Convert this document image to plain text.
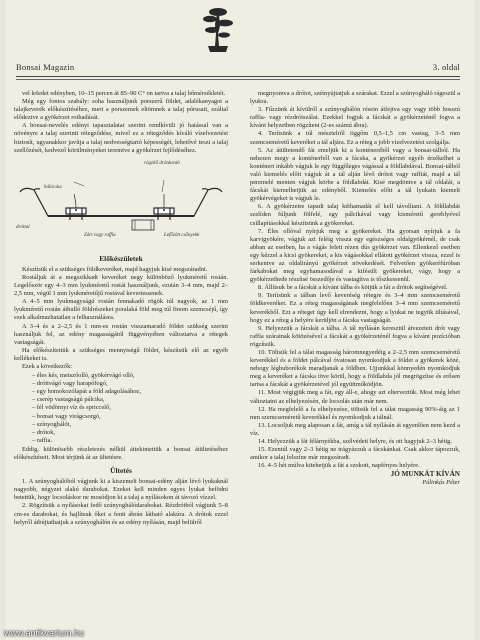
Bonsai Magazin	3. oldal

vel lefedet edényben, 10–15 percen át 85–90 C° on tartva a talaj hőmérsékletét.

Még egy fontos szabály: soha használjunk porszerű földet, adalékanyagot a talajkeverék előkészítéséhez, mert a porszemek eltömnek a talaj pórusait, ezáltal elődeztve a gyökérzet rothadását.

A bonsai-nevelés edényi tapasztalatai szerint rendkívüli jó hatással van a növényre a talaj szerinti rétegződése, mivel ez a rétegződés kíváló vízelvezetést biztosít, ugyanakkor javítja a talaj nedvességtartó képességét, lehetővé teszi a talaj szellőzését, kedvező körülményeket teremtve a gyökérzet fejlődéséhez.

rögzítő drótdarab
hálócska
dróttal
Zárt vagy raffia	Lefőzött csőnyekk

Előkészületek

Készítsük el a szükséges földkeveréket, majd hagyjuk kisé megszáradni.

Rostáljuk át a megszikkadt keveréket negy különböző lyukméretű rostán. Legelőször egy 4–3 mm lyukméretű rostát használjunk, ezután 3–4 mm, majd 2–2,5 mm, végül 1 mm lyukméretűjű rostával kevertessenek.

A 4–5 mm lyukmagyságú rostán fennakadó rögök túl nagyok, az 1 mm lyukméretű rostán áthulló földrészeket poralaká föld meg túl finom szemcséjű, így ezek alkalmazhatatlan a felhasználásra.

A 3–4 és a 2–2,5 és 1 mm-es rostán visszamaradó földet szükség szerint használjuk fel, az edény magasságától függvényében változtatva a rétegek vastagságát.

Ha előkészítettük a szükséges mennyiségű földet, készítsük elő az egyéb kellékeket is.

Ezek a következők:

– éles kés, metszőolló, gyökérvágó olló,
– dróttvágó vagy harapófogó,
– egy homokozólapát a föld adagolásához,
– cserép vastagságú pálcika,
– fél vödörnyi víz és spriccelő,
– bonsai vagy virágcsorgó,
– színyoghálót,
– drótok,
– raffia.

Eddig, különösebb részletezés nélkül áttekintettük a bonsai átültetéséhez előkészítéseit. Most térjünk át az ültetésre.

Ültetés

1. A szúnyoghálóból vágjunk ki a kiszemelt bonsai-edény alján lévő lyukaknál nagyobb, négyzet alakú darabokat. Ezeket kell minden egyes lyukat befödni betettük, hogy locsoláskor ne mosódjon ki a talaj a nyílásokon át távozó vízzel.

2. Rögzítsük a nyílásokat fedő szúnyoghálódarabokat. Rézdrótból vágjunk 5–8 cm-es darabokat, és hajlítsuk őket a fenti ábrán látható alakúra. A drótok ezzel helyről átbújtathatjuk a szúnyoghálón és az edény nyílásán, majd belülről

megnyomva a drótot, szétnyújtatjuk a szárakat. Ezzel a szúnyogháló rágeszül a lyukra.

3. Fűzzünk át kívülről a szúnyoghálón résein átfejtva egy vagy több hosszú raffia- vagy rézdrótszálat. Ezekkel fogjuk a fácskát a gyökérzeténél fogva a kívánt helyzetben rögzíteni (2-es számú ábra).

4. Terítsünk a túl mésztelről tiggőm 0,5–1,5 cm vastag, 3–5 mm szemcseméretű keveréket a tál aljára. Ez a réteg a jobb vízelvezetést szolgálja.

5. Az átültetendő fát emeljük ki a konténeréből vagy a bonsai-tálból. Ha nehezen megy a konténerből van a fácska, a gyökérzet egyéb érzékelhet a konténert inkább vágjuk le egy függőleges vágással a földlabdával. Bonsai-tálból való kiemelés előtt vágjuk át a tál alján lévő drótot vagy raffiát, majd a tál peremelé menten vágjuk körbe a földlabdát. Kisé megdöntve a tál oldalát, a fácskát kiemelhetjük az edényből. Kiemelés előtt a tál lyukain kiemelt gyökérvégeket is vágjuk le.

6. A gyökérzetre tapadt talaj kéthamadát el kell távolítani. A földlabdát szelíden fúljunk fölfelé, egy pálcikával vagy kisméretű gereblyével csillapításokkal készítsünk a gyökereket.

7. Éles ollóval nyírjuk meg a gyökereket. Ha gyorsan nyírjuk a fa karvigyökére, vágjuk azt feléig vissza egy egészséges oldalgyökérnél, de csak abban az esetben, ha a vágás felett rézen dús gyökérzet van. Ellenkező esetben egy kézzel a kicsi gyökereket, a kis vágásokkal ellátott gyökérzet vissza, ezzel is serkentve az oldalirányú gyökérzet növekedését. Felvetően gyökeréfúróban fárkabokat meg egyhamasodával a kifésült gyökereket, vágy, hogy a gyökérzethede részítsé összedője és vastagítva is tőszkessenül.

8. Állítsuk be a fácskát a kívánt tálba és kötjük a fát a drótok segítségével.

9. Terítsünk a tálban levő keveréség rétegre és 3–4 mm szemcseméretű földkeveréket. Ez a réteg magasságának megfelelően 3–4 mm szemcseméretű keverékből. Ezt a réteget úgy kell elrendezni, hogy a lyukat ne tegyük tiltásával, hogy ez a réteg a helyére kerüljön a fácska vastagságát.

9. Helyezzük a fácskát a tálba. A tál nyílásán keresztül átvezetett drót vagy raffia szárainak kötözésével a fácskát a gyökérzeténél fogva a kívánt pozícióban rögzítsük.

10. Töltsük fel a tálat magasság háromnegyedéig a 2–2,5 mm szemcseméretű keverékkel és a földet pálcával óvatosan nyomkodjuk a földet a gyökerek közé, nehogy légbuborékok maradjanak a földben. Ujjunkkal könnyedén nyomkodjuk meg a keveréket a fácska töve körül, hogy a földlabda jól megrögzítse és erősen tartsa a fácskát a gyökérzetével jól együttműködjön.

11. Most végigjük meg a fát, egy áll-e, ahogy azt elterveztük. Most még lehet változtatni az elhelyezésén, de locsolás után már nem.

12. Ha megfelelő a fa elhelyezése, töltsük fel a tálat magasság 90%-áig az 1 mm szemcseméretű keverékkel és nyomkodjuk a tálnál.

13. Locsoljuk meg alaposan a fát, amíg a tál nyílásán át egyenlően nem kezd a víz.

14. Helyezzük a fát félárnyékba, szélvédett helyre, és ott hagyjuk 2–3 hétig.

15. Ezentúl vagy 2–3 hétig ne trágyázzuk a fácskánkat. Csak akkor tápozzuk, amikor a talaj felszíne már megszáradt.

16. 4–5 hét múlva kitehetjük a fát a szokott, napfényes helyére.

JÓ MUNKÁT KÍVÁN

Pálinkás Péter

www.antikvarium.hu
